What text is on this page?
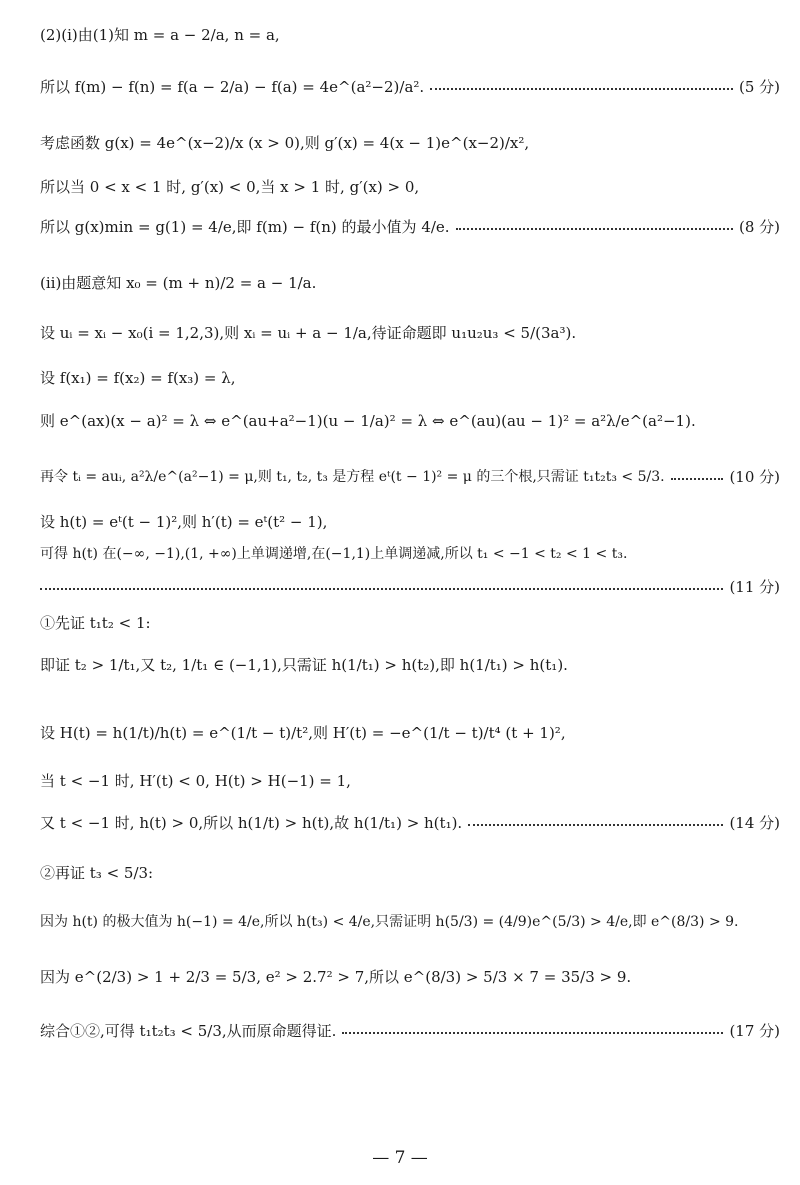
(2)(ⅰ)由(1)知 m = a − 2/a, n = a,
所以 f(m) − f(n) = f(a − 2/a) − f(a) = 4e^(a²−2)/a².	(5 分)
考虑函数 g(x) = 4e^(x−2)/x (x > 0),则 g′(x) = 4(x − 1)e^(x−2)/x²,
所以当 0 < x < 1 时, g′(x) < 0,当 x > 1 时, g′(x) > 0,
所以 g(x)min = g(1) = 4/e,即 f(m) − f(n) 的最小值为 4/e.	(8 分)
(ⅱ)由题意知 x₀ = (m + n)/2 = a − 1/a.
设 uᵢ = xᵢ − x₀(i = 1,2,3),则 xᵢ = uᵢ + a − 1/a,待证命题即 u₁u₂u₃ < 5/(3a³).
设 f(x₁) = f(x₂) = f(x₃) = λ,
则 e^(ax)(x − a)² = λ ⇔ e^(au+a²−1)(u − 1/a)² = λ ⇔ e^(au)(au − 1)² = a²λ/e^(a²−1).
再令 tᵢ = auᵢ, a²λ/e^(a²−1) = μ,则 t₁, t₂, t₃ 是方程 eᵗ(t − 1)² = μ 的三个根,只需证 t₁t₂t₃ < 5/3.	(10 分)
设 h(t) = eᵗ(t − 1)²,则 h′(t) = eᵗ(t² − 1),
可得 h(t) 在(−∞, −1),(1, +∞)上单调递增,在(−1,1)上单调递减,所以 t₁ < −1 < t₂ < 1 < t₃.
(11 分)
①先证 t₁t₂ < 1:
即证 t₂ > 1/t₁,又 t₂, 1/t₁ ∈ (−1,1),只需证 h(1/t₁) > h(t₂),即 h(1/t₁) > h(t₁).
设 H(t) = h(1/t)/h(t) = e^(1/t − t)/t²,则 H′(t) = −e^(1/t − t)/t⁴ (t + 1)²,
当 t < −1 时, H′(t) < 0, H(t) > H(−1) = 1,
又 t < −1 时, h(t) > 0,所以 h(1/t) > h(t),故 h(1/t₁) > h(t₁).	(14 分)
②再证 t₃ < 5/3:
因为 h(t) 的极大值为 h(−1) = 4/e,所以 h(t₃) < 4/e,只需证明 h(5/3) = (4/9)e^(5/3) > 4/e,即 e^(8/3) > 9.
因为 e^(2/3) > 1 + 2/3 = 5/3, e² > 2.7² > 7,所以 e^(8/3) > 5/3 × 7 = 35/3 > 9.
综合①②,可得 t₁t₂t₃ < 5/3,从而原命题得证.	(17 分)
— 7 —
